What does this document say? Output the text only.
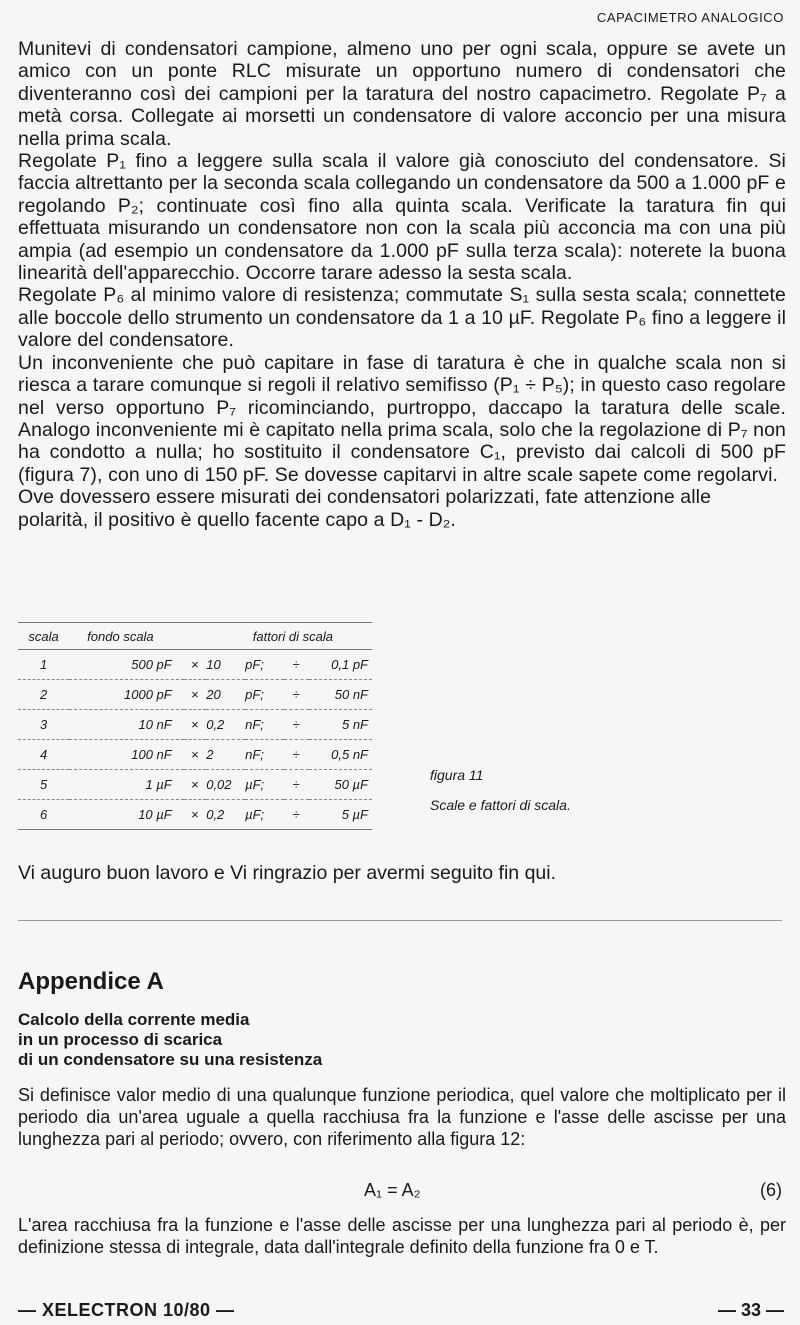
CAPACIMETRO ANALOGICO

Munitevi di condensatori campione, almeno uno per ogni scala, oppure se avete un amico con un ponte RLC misurate un opportuno numero di condensatori che diventeranno così dei campioni per la taratura del nostro capacimetro. Regolate P₇ a metà corsa. Collegate ai morsetti un condensatore di valore acconcio per una misura nella prima scala.

Regolate P₁ fino a leggere sulla scala il valore già conosciuto del condensatore. Si faccia altrettanto per la seconda scala collegando un condensatore da 500 a 1.000 pF e regolando P₂; continuate così fino alla quinta scala. Verificate la taratura fin qui effettuata misurando un condensatore non con la scala più acconcia ma con una più ampia (ad esempio un condensatore da 1.000 pF sulla terza scala): noterete la buona linearità dell'apparecchio. Occorre tarare adesso la sesta scala.

Regolate P₆ al minimo valore di resistenza; commutate S₁ sulla sesta scala; connettete alle boccole dello strumento un condensatore da 1 a 10 µF. Regolate P₆ fino a leggere il valore del condensatore.

Un inconveniente che può capitare in fase di taratura è che in qualche scala non si riesca a tarare comunque si regoli il relativo semifisso (P₁ ÷ P₅); in questo caso regolare nel verso opportuno P₇ ricominciando, purtroppo, daccapo la taratura delle scale. Analogo inconveniente mi è capitato nella prima scala, solo che la regolazione di P₇ non ha condotto a nulla; ho sostituito il condensatore C₁, previsto dai calcoli di 500 pF (figura 7), con uno di 150 pF. Se dovesse capitarvi in altre scale sapete come regolarvi.

Ove dovessero essere misurati dei condensatori polarizzati, fate attenzione alle polarità, il positivo è quello facente capo a D₁ - D₂.

scala	fondo scala	fattori di scala				
1	500 pF	×	10	pF;	÷	0,1 pF
2	1000 pF	×	20	pF;	÷	50 nF
3	10 nF	×	0,2	nF;	÷	5 nF
4	100 nF	×	2	nF;	÷	0,5 nF
5	1 µF	×	0,02	µF;	÷	50 µF
6	10 µF	×	0,2	µF;	÷	5 µF
figura 11
Scale e fattori di scala.
Vi auguro buon lavoro e Vi ringrazio per avermi seguito fin qui.
Appendice A
Calcolo della corrente media
in un processo di scarica
di un condensatore su una resistenza

Si definisce valor medio di una qualunque funzione periodica, quel valore che moltiplicato per il periodo dia un'area uguale a quella racchiusa fra la funzione e l'asse delle ascisse per una lunghezza pari al periodo; ovvero, con riferimento alla figura 12:

A₁ = A₂	(6)

L'area racchiusa fra la funzione e l'asse delle ascisse per una lunghezza pari al periodo è, per definizione stessa di integrale, data dall'integrale definito della funzione fra 0 e T.

— XELECTRON 10/80 —	— 33 —
